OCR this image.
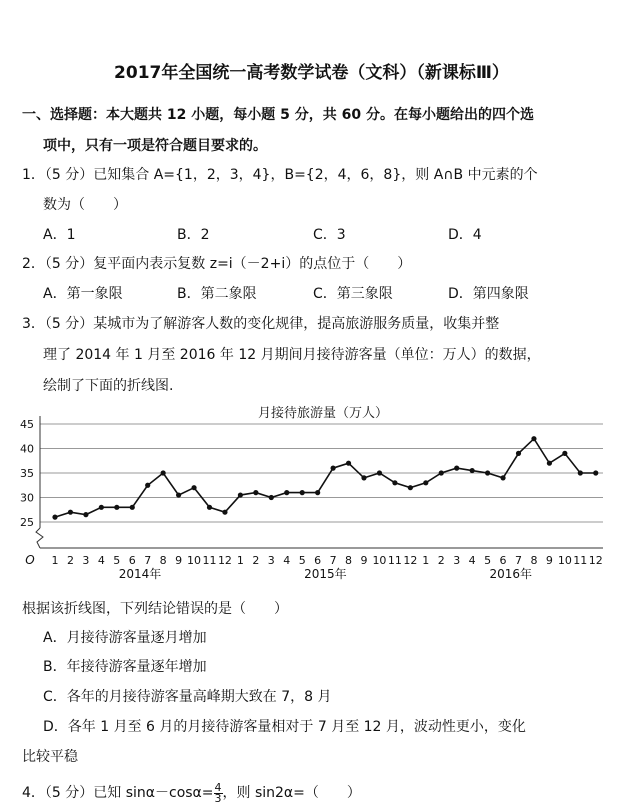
2017年全国统一高考数学试卷（文科）（新课标Ⅲ）
一、选择题：本大题共 12 小题，每小题 5 分，共 60 分。在每小题给出的四个选
项中，只有一项是符合题目要求的。
1．（5 分）已知集合 A={1，2，3，4}，B={2，4，6，8}，则 A∩B 中元素的个
数为（　　）
A．1	B．2	C．3	D．4
2．（5 分）复平面内表示复数 z=i（－2+i）的点位于（　　）
A．第一象限	B．第二象限	C．第三象限	D．第四象限
3．（5 分）某城市为了解游客人数的变化规律，提高旅游服务质量，收集并整
理了 2014 年 1 月至 2016 年 12 月期间月接待游客量（单位：万人）的数据，
绘制了下面的折线图.
月接待旅游量（万人）
25
30
35
40
45
O 1 2 3 4 5 6 7 8 9 10 11 12 1 2 3 4 5 6 7 8 9 10 11 12 1 2 3 4 5 6 7 8 9 10 11 12
2014年	2015年	2016年
根据该折线图，下列结论错误的是（　　）
A．月接待游客量逐月增加
B．年接待游客量逐年增加
C．各年的月接待游客量高峰期大致在 7，8 月
D．各年 1 月至 6 月的月接待游客量相对于 7 月至 12 月，波动性更小，变化
比较平稳
4．（5 分）已知 $\sin\alpha-\cos\alpha= \frac{4}{3}$，则 sin2α=（　　）
